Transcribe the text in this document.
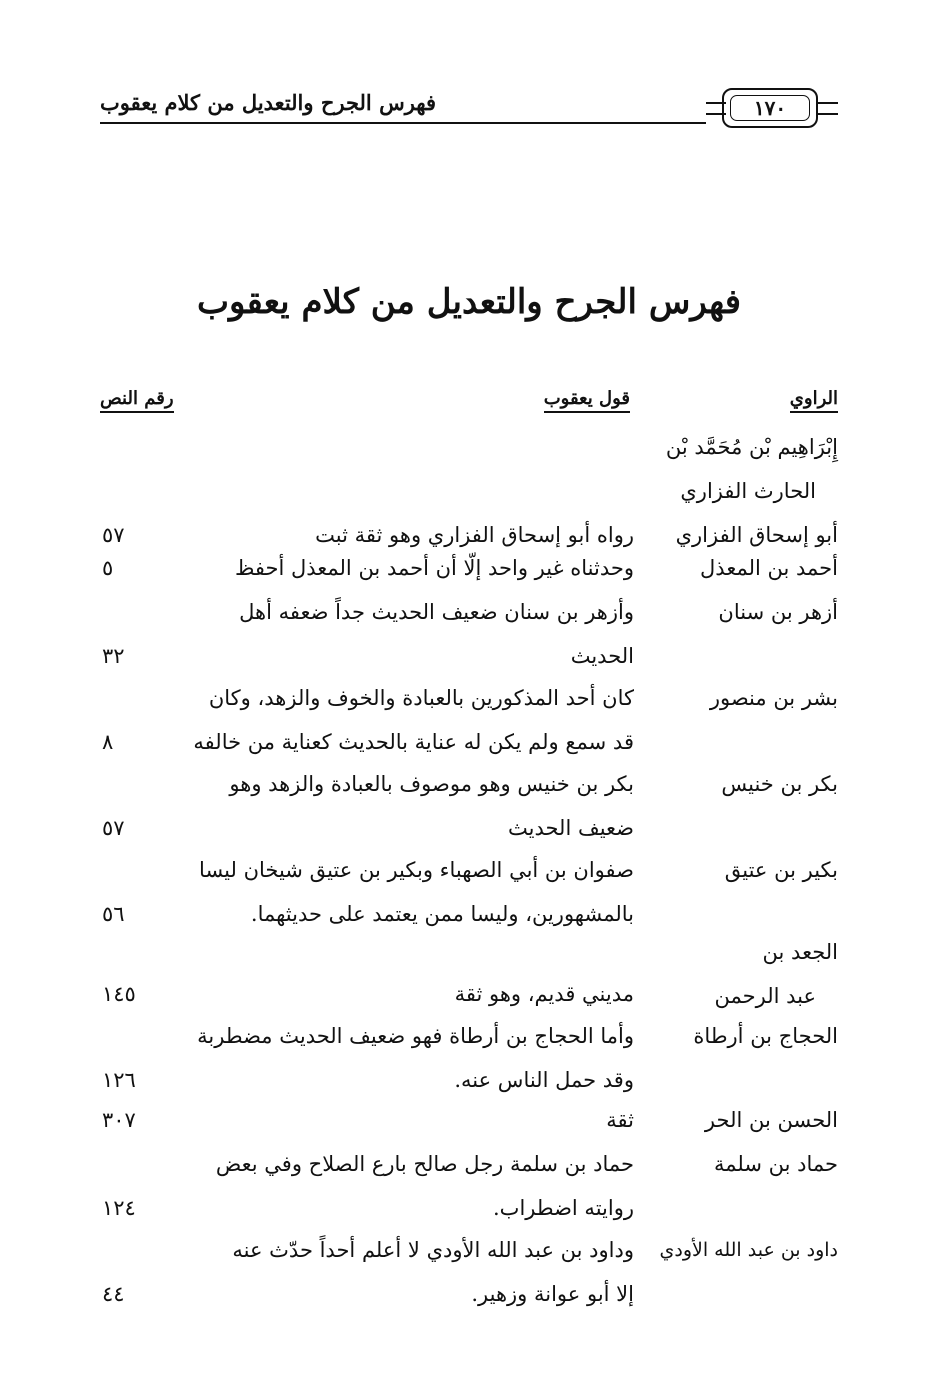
١٧٠
فهرس الجرح والتعديل من كلام يعقوب
فهرس الجرح والتعديل من كلام يعقوب
الراوي
قول يعقوب
رقم النص
إِبْرَاهِيم بْن مُحَمَّد بْن
الحارث الفزاري
أبو إسحاق الفزاري
رواه أبو إسحاق الفزاري وهو ثقة ثبت
٥٧
أحمد بن المعذل
وحدثناه غير واحد إلّا أن أحمد بن المعذل أحفظ
٥
أزهر بن سنان
وأزهر بن سنان ضعيف الحديث جداً ضعفه أهل
الحديث
٣٢
بشر بن منصور
كان أحد المذكورين بالعبادة والخوف والزهد، وكان
قد سمع ولم يكن له عناية بالحديث كعناية من خالفه
٨
بكر بن خنيس
بكر بن خنيس وهو موصوف بالعبادة والزهد وهو
ضعيف الحديث
٥٧
بكير بن عتيق
صفوان بن أبي الصهباء وبكير بن عتيق شيخان ليسا
بالمشهورين، وليسا ممن يعتمد على حديثهما.
٥٦
الجعد بن
عبد الرحمن
مديني قديم، وهو ثقة
١٤٥
الحجاج بن أرطاة
وأما الحجاج بن أرطاة فهو ضعيف الحديث مضطربة
وقد حمل الناس عنه.
١٢٦
الحسن بن الحر
ثقة
٣٠٧
حماد بن سلمة
حماد بن سلمة رجل صالح بارع الصلاح وفي بعض
روايته اضطراب.
١٢٤
داود بن عبد الله الأودي
وداود بن عبد الله الأودي لا أعلم أحداً حدّث عنه
إلا أبو عوانة وزهير.
٤٤
